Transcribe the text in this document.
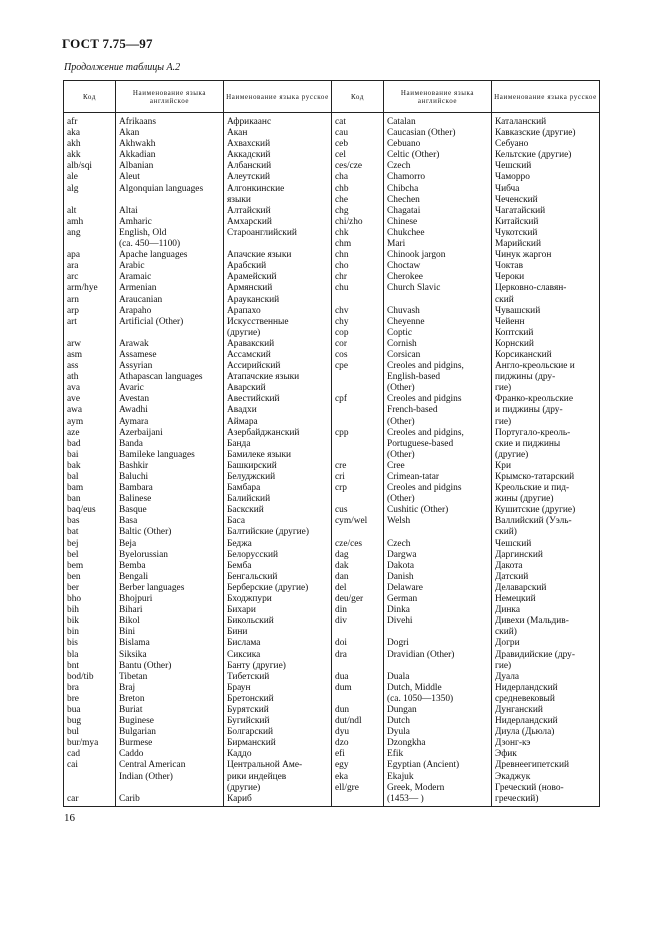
ГОСТ 7.75—97
Продолжение таблицы А.2
Код	Наименование языка английское	Наименование языка русское	Код	Наименование языка английское	Наименование языка русское
afr	Afrikaans	Африкаанс	cat	Catalan	Каталанский
aka	Akan	Акан	cau	Caucasian (Other)	Кавказские (другие)
akh	Akhwakh	Ахвахский	ceb	Cebuano	Себуано
akk	Akkadian	Аккадский	cel	Celtic (Other)	Кельтские (другие)
alb/sqi	Albanian	Албанский	ces/cze	Czech	Чешский
ale	Aleut	Алеутский	cha	Chamorro	Чаморро
alg	Algonquian languages	Алгонкинские	chb	Chibcha	Чибча
		языки	che	Chechen	Чеченский
alt	Altai	Алтайский	chg	Chagatai	Чагатайский
amh	Amharic	Амхарский	chi/zho	Chinese	Китайский
ang	English, Old	Староанглийский	chk	Chukchee	Чукотский
	(ca. 450—1100)		chm	Mari	Марийский
apa	Apache languages	Апачские языки	chn	Chinook jargon	Чинук жаргон
ara	Arabic	Арабский	cho	Choctaw	Чоктав
arc	Aramaic	Арамейский	chr	Cherokee	Чероки
arm/hye	Armenian	Армянский	chu	Church Slavic	Церковно-славян-
arn	Araucanian	Арауканский			ский
arp	Arapaho	Арапахо	chv	Chuvash	Чувашский
art	Artificial (Other)	Искусственные	chy	Cheyenne	Чейенн
		(другие)	cop	Coptic	Коптский
arw	Arawak	Аравакский	cor	Cornish	Корнский
asm	Assamese	Ассамский	cos	Corsican	Корсиканский
ass	Assyrian	Ассирийский	cpe	Creoles and pidgins,	Англо-креольские и
ath	Athapascan languages	Атапачские языки		English-based	пиджины (дру-
ava	Avaric	Аварский		(Other)	гие)
ave	Avestan	Авестийский	cpf	Creoles and pidgins	Франко-креольские
awa	Awadhi	Авадхи		French-based	и пиджины (дру-
aym	Aymara	Аймара		(Other)	гие)
aze	Azerbaijani	Азербайджанский	cpp	Creoles and pidgins,	Португало-креоль-
bad	Banda	Банда		Portuguese-based	ские и пиджины
bai	Bamileke languages	Бамилеке языки		(Other)	(другие)
bak	Bashkir	Башкирский	cre	Cree	Кри
bal	Baluchi	Белуджский	cri	Crimean-tatar	Крымско-татарский
bam	Bambara	Бамбара	crp	Creoles and pidgins	Креольские и пид-
ban	Balinese	Балийский		(Other)	жины (другие)
baq/eus	Basque	Баскский	cus	Cushitic (Other)	Кушитские (другие)
bas	Basa	Баса	cym/wel	Welsh	Валлийский (Уэль-
bat	Baltic (Other)	Балтийские (другие)			ский)
bej	Beja	Беджа	cze/ces	Czech	Чешский
bel	Byelorussian	Белорусский	dag	Dargwa	Даргинский
bem	Bemba	Бемба	dak	Dakota	Дакота
ben	Bengali	Бенгальский	dan	Danish	Датский
ber	Berber languages	Берберские (другие)	del	Delaware	Делаварский
bho	Bhojpuri	Бходжпури	deu/ger	German	Немецкий
bih	Bihari	Бихари	din	Dinka	Динка
bik	Bikol	Бикольский	div	Divehi	Дивехи (Мальдив-
bin	Bini	Бини			ский)
bis	Bislama	Бислама	doi	Dogri	Догри
bla	Siksika	Сиксика	dra	Dravidian (Other)	Дравидийские (дру-
bnt	Bantu (Other)	Банту (другие)			гие)
bod/tib	Tibetan	Тибетский	dua	Duala	Дуала
bra	Braj	Браун	dum	Dutch, Middle	Нидерландский
bre	Breton	Бретонский		(ca. 1050—1350)	средневековый
bua	Buriat	Бурятский	dun	Dungan	Дунганский
bug	Buginese	Бугийский	dut/ndl	Dutch	Нидерландский
bul	Bulgarian	Болгарский	dyu	Dyula	Диула (Дьюла)
bur/mya	Burmese	Бирманский	dzo	Dzongkha	Дзонг-кэ
cad	Caddo	Каддо	efi	Efik	Эфик
cai	Central American	Центральной Аме-	egy	Egyptian (Ancient)	Древнеегипетский
	Indian (Other)	рики индейцев	eka	Ekajuk	Экаджук
		(другие)	ell/gre	Greek, Modern	Греческий (ново-
car	Carib	Кариб		(1453— )	греческий)
16
